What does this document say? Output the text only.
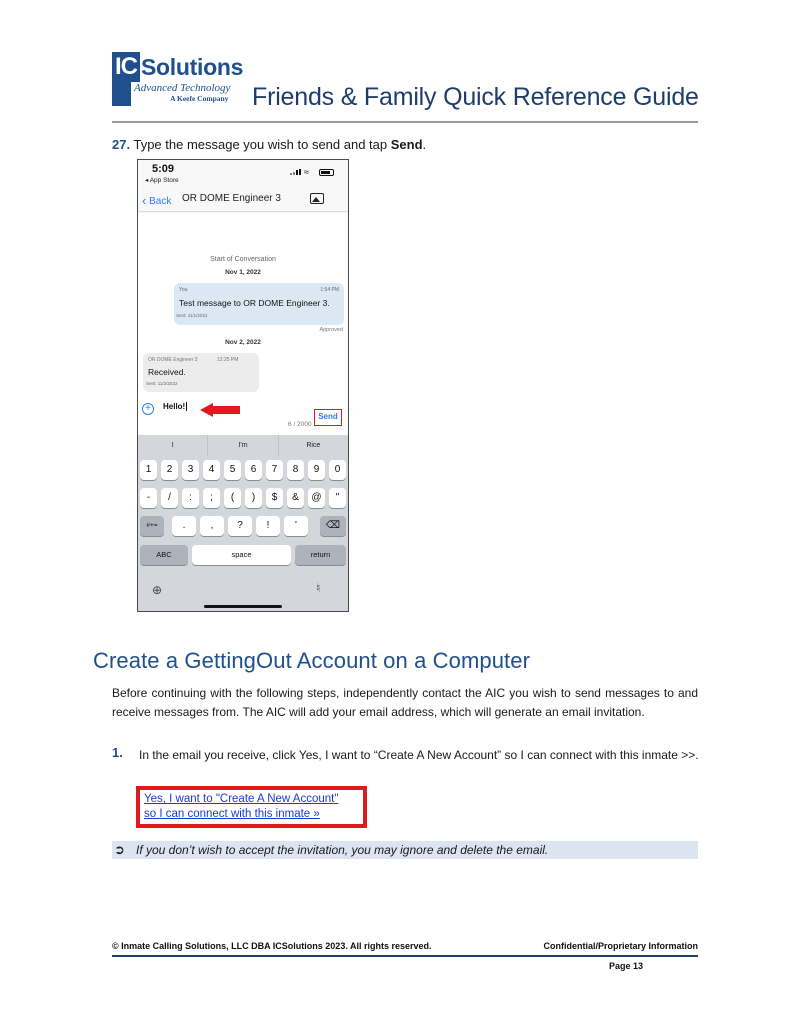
IC Solutions
Advanced Technology
A Keefe Company Friends & Family Quick Reference Guide
27. Type the message you wish to send and tap Send.
5:09
◂ App Store
≈
‹ Back OR DOME Engineer 3
Start of Conversation
Nov 1, 2022
You	1:54 PM
Test message to OR DOME Engineer 3.
Sent: 11/1/2022
Approved
Nov 2, 2022
OR DOME Engineer 3	12:25 PM
Received.
Sent: 11/2/2022
+	Hello!
6 / 2000
Send
I	I'm	Rice
1	2	3	4	5	6	7	8	9	0
-	/	:	;	(	)	$	&	@	"
#+=	.	,	?	!	'	⌫
ABC	space	return
⊕	♮
Create a GettingOut Account on a Computer

Before continuing with the following steps, independently contact the AIC you wish to send messages to and receive messages from. The AIC will add your email address, which will generate an email invitation.

1. In the email you receive, click Yes, I want to “Create A New Account” so I can connect with this inmate >>.

Yes, I want to "Create A New Account"
so I can connect with this inmate »
➲ If you don’t wish to accept the invitation, you may ignore and delete the email.
© Inmate Calling Solutions, LLC DBA ICSolutions 2023. All rights reserved.	Confidential/Proprietary Information
Page 13
